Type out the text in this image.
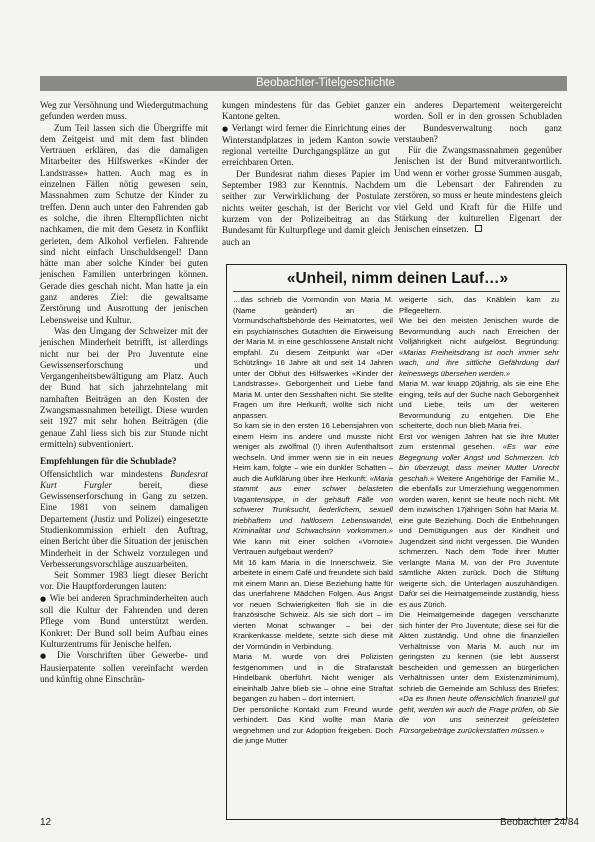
Beobachter-Titelgeschichte

Weg zur Versöhnung und Wiedergutmachung gefunden werden muss.

Zum Teil lassen sich die Übergriffe mit dem Zeitgeist und mit dem fast blinden Vertrauen erklären, das die damaligen Mitarbeiter des Hilfswerkes «Kinder der Landstrasse» hatten. Auch mag es in einzelnen Fällen nötig gewesen sein, Massnahmen zum Schutze der Kinder zu treffen. Denn auch unter den Fahrenden gab es solche, die ihren Elternpflichten nicht nachkamen, die mit dem Gesetz in Konflikt gerieten, dem Alkohol verfielen. Fahrende sind nicht einfach Unschuldsengel! Dann hätte man aber solche Kinder bei guten jenischen Familien unterbringen können. Gerade dies geschah nicht. Man hatte ja ein ganz anderes Ziel: die gewaltsame Zerstörung und Ausrottung der jenischen Lebensweise und Kultur.

Was den Umgang der Schweizer mit der jenischen Minderheit betrifft, ist allerdings nicht nur bei der Pro Juventute eine Gewissenserforschung und Vergangenheitsbewältigung am Platz. Auch der Bund hat sich jahrzehntelang mit namhaften Beiträgen an den Kosten der Zwangsmassnahmen beteiligt. Diese wurden seit 1927 mit sehr hohen Beiträgen (die genaue Zahl liess sich bis zur Stunde nicht ermitteln) subventioniert.

Empfehlungen für die Schublade?

Offensichtlich war mindestens Bundesrat Kurt Furgler bereit, diese Gewissenserforschung in Gang zu setzen. Eine 1981 von seinem damaligen Departement (Justiz und Polizei) eingesetzte Studienkommission erhielt den Auftrag, einen Bericht über die Situation der jenischen Minderheit in der Schweiz vorzulegen und Verbesserungsvorschläge auszuarbeiten.

Seit Sommer 1983 liegt dieser Bericht vor. Die Hauptforderungen lauten:

● Wie bei anderen Sprachminderheiten auch soll die Kultur der Fahrenden und deren Pflege vom Bund unterstützt werden. Konkret: Der Bund soll beim Aufbau eines Kulturzentrums für Jenische helfen.

● Die Vorschriften über Gewerbe- und Hausierpatente sollen vereinfacht werden und künftig ohne Einschrän-

kungen mindestens für das Gebiet ganzer Kantone gelten.

● Verlangt wird ferner die Einrichtung eines Winterstandplatzes in jedem Kanton sowie regional verteilte Durchgangsplätze an gut erreichbaren Orten.

Der Bundesrat nahm dieses Papier im September 1983 zur Kenntnis. Nachdem seither zur Verwirklichung der Postulate nichts weiter geschah, ist der Bericht vor kurzem von der Polizeibeitrag an das Bundesamt für Kulturpflege und damit gleich auch an

ein anderes Departement weitergereicht worden. Soll er in den grossen Schubladen der Bundesverwaltung noch ganz verstauben?

Für die Zwangsmassnahmen gegenüber Jenischen ist der Bund mitverantwortlich. Und wenn er vorher grosse Summen ausgab, um die Lebensart der Fahrenden zu zerstören, so muss er heute mindestens gleich viel Geld und Kraft für die Hilfe und Stärkung der kulturellen Eigenart der Jenischen einsetzen.

«Unheil, nimm deinen Lauf…»

…das schrieb die Vormündin von Maria M. (Name geändert) an die Vormundschaftsbehörde des Heimatortes, weil ein psychiatrisches Gutachten die Einweisung der Maria M. in eine geschlossene Anstalt nicht empfahl. Zu diesem Zeitpunkt war «Der Schützling» 16 Jahre alt und seit 14 Jahren unter der Obhut des Hilfswerkes «Kinder der Landstrasse». Geborgenheit und Liebe fand Maria M. unter den Sesshaften nicht. Sie stellte Fragen um ihre Herkunft, wollte sich nicht anpassen.

So kam sie in den ersten 16 Lebensjahren von einem Heim ins andere und musste nicht weniger als zwölfmal (!) ihren Aufenthaltsort wechseln. Und immer wenn sie in ein neues Heim kam, folgte – wie ein dunkler Schatten – auch die Aufklärung über ihre Herkunft: «Maria stammt aus einer schwer belasteten Vagantensippe, in der gehäuft Fälle von schwerer Trunksucht, liederlichem, sexuell triebhaftem und haltlosem Lebenswandel, Kriminalität und Schwachsinn vorkommen.» Wie kann mit einer solchen «Vornote» Vertrauen aufgebaut werden?

Mit 16 kam Maria in die Innerschweiz. Sie arbeitete in einem Café und freundete sich bald mit einem Mann an. Diese Beziehung hatte für das unerfahrene Mädchen Folgen. Aus Angst vor neuen Schwierigkeiten floh sie in die französische Schweiz. Als sie sich dort – im vierten Monat schwanger – bei der Krankenkasse meldete, setzte sich diese mit der Vormündin in Verbindung.

Maria M. wurde von drei Polizisten festgenommen und in die Strafanstalt Hindelbank überführt. Nicht weniger als eineinhalb Jahre blieb sie – ohne eine Straftat begangen zu haben – dort interniert.

Der persönliche Kontakt zum Freund wurde verhindert. Das Kind wollte man Maria wegnehmen und zur Adoption freigeben. Doch die junge Mutter

weigerte sich, das Knäblein kam zu Pflegeeltern.

Wie bei den meisten Jenischen wurde die Bevormundung auch nach Erreichen der Volljährigkeit nicht aufgelöst. Begründung: «Marias Freiheitsdrang ist noch immer sehr wach, und ihre sittliche Gefährdung darf keineswegs übersehen werden.»

Maria M. war knapp 20jährig, als sie eine Ehe einging, teils auf der Suche nach Geborgenheit und Liebe, teils um der weiteren Bevormundung zu entgehen. Die Ehe scheiterte, doch nun blieb Maria frei.

Erst vor wenigen Jahren hat sie ihre Mutter zum erstenmal gesehen. «Es war eine Begegnung voller Angst und Schmerzen. Ich bin überzeugt, dass meiner Mutter Unrecht geschah.» Weitere Angehörige der Familie M., die ebenfalls zur Umerziehung weggenommen worden waren, kennt sie heute noch nicht. Mit dem inzwischen 17jährigen Sohn hat Maria M. eine gute Beziehung. Doch die Entbehrungen und Demütigungen aus der Kindheit und Jugendzeit sind nicht vergessen. Die Wunden schmerzen. Nach dem Tode ihrer Mutter verlangte Maria M. von der Pro Juventute sämtliche Akten zurück. Doch die Stiftung weigerte sich, die Unterlagen auszuhändigen. Dafür sei die Heimatgemeinde zuständig, hiess es aus Zürich.

Die Heimatgemeinde dagegen verschanzte sich hinter der Pro Juventute; diese sei für die Akten zuständig. Und ohne die finanziellen Verhältnisse von Maria M. auch nur im geringsten zu kennen (sie lebt äusserst bescheiden und gemessen an bürgerlichen Verhältnissen unter dem Existenzminimum), schrieb die Gemeinde am Schluss des Briefes: «Da es Ihnen heute offensichtlich finanziell gut geht, werden wir auch die Frage prüfen, ob Sie die von uns seinerzeit geleisteten Fürsorgebeträge zurückerstatten müssen.»

12	Beobachter 24/84
